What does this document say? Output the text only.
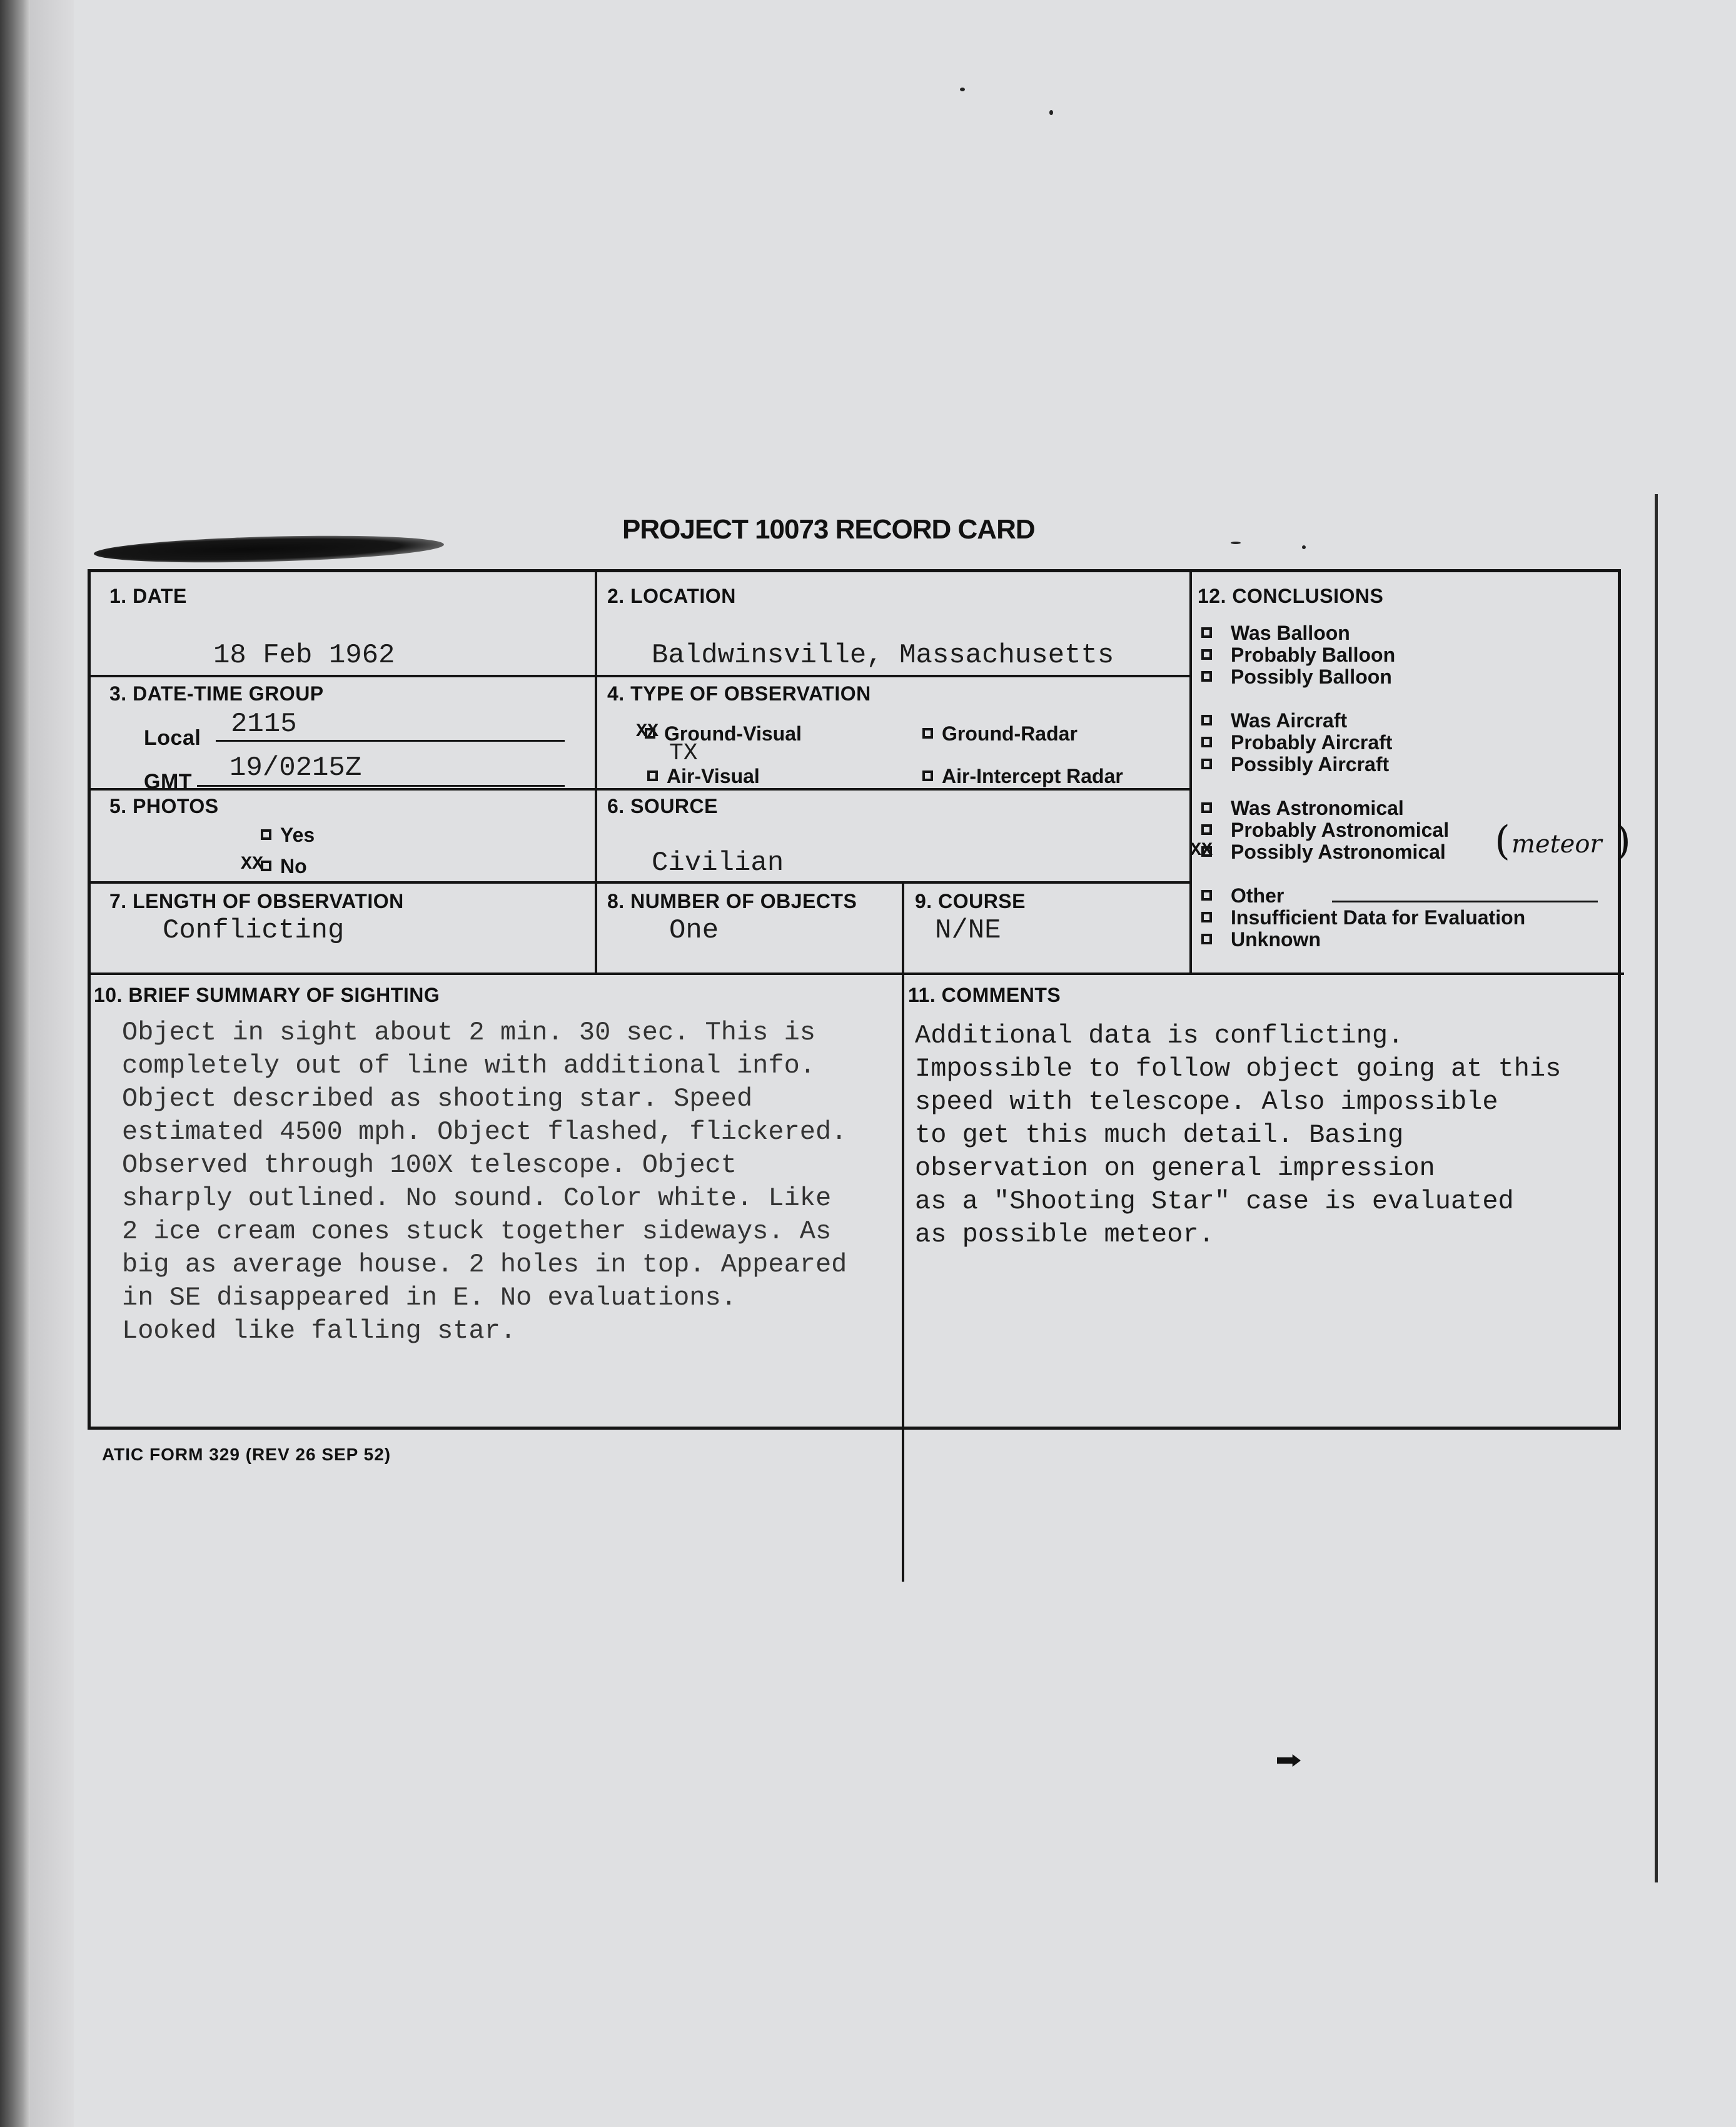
PROJECT 10073 RECORD CARD
1. DATE
18 Feb 1962
2. LOCATION
Baldwinsville, Massachusetts
3. DATE-TIME GROUP
Local 2115
GMT 19/0215Z
4. TYPE OF OBSERVATION
XX Ground-Visual
TX
Ground-Radar
Air-Visual	Air-Intercept Radar
5. PHOTOS
Yes
XX No
6. SOURCE
Civilian
7. LENGTH OF OBSERVATION
Conflicting
8. NUMBER OF OBJECTS
One
9. COURSE
N/NE
12. CONCLUSIONS
Was Balloon
Probably Balloon
Possibly Balloon
Was Aircraft
Probably Aircraft
Possibly Aircraft
Was Astronomical
Probably Astronomical
XX Possibly Astronomical ( meteor )
Other
Insufficient Data for Evaluation
Unknown
10. BRIEF SUMMARY OF SIGHTING	11. COMMENTS
Object in sight about 2 min. 30 sec. This is
completely out of line with additional info.
Object described as shooting star. Speed
estimated 4500 mph. Object flashed, flickered.
Observed through 100X telescope. Object
sharply outlined. No sound. Color white. Like
2 ice cream cones stuck together sideways. As
big as average house. 2 holes in top. Appeared
in SE disappeared in E. No evaluations.
Looked like falling star.
Additional data is conflicting.
Impossible to follow object going at this
speed with telescope. Also impossible
to get this much detail. Basing
observation on general impression
as a "Shooting Star" case is evaluated
as possible meteor.
ATIC FORM 329 (REV 26 SEP 52)
